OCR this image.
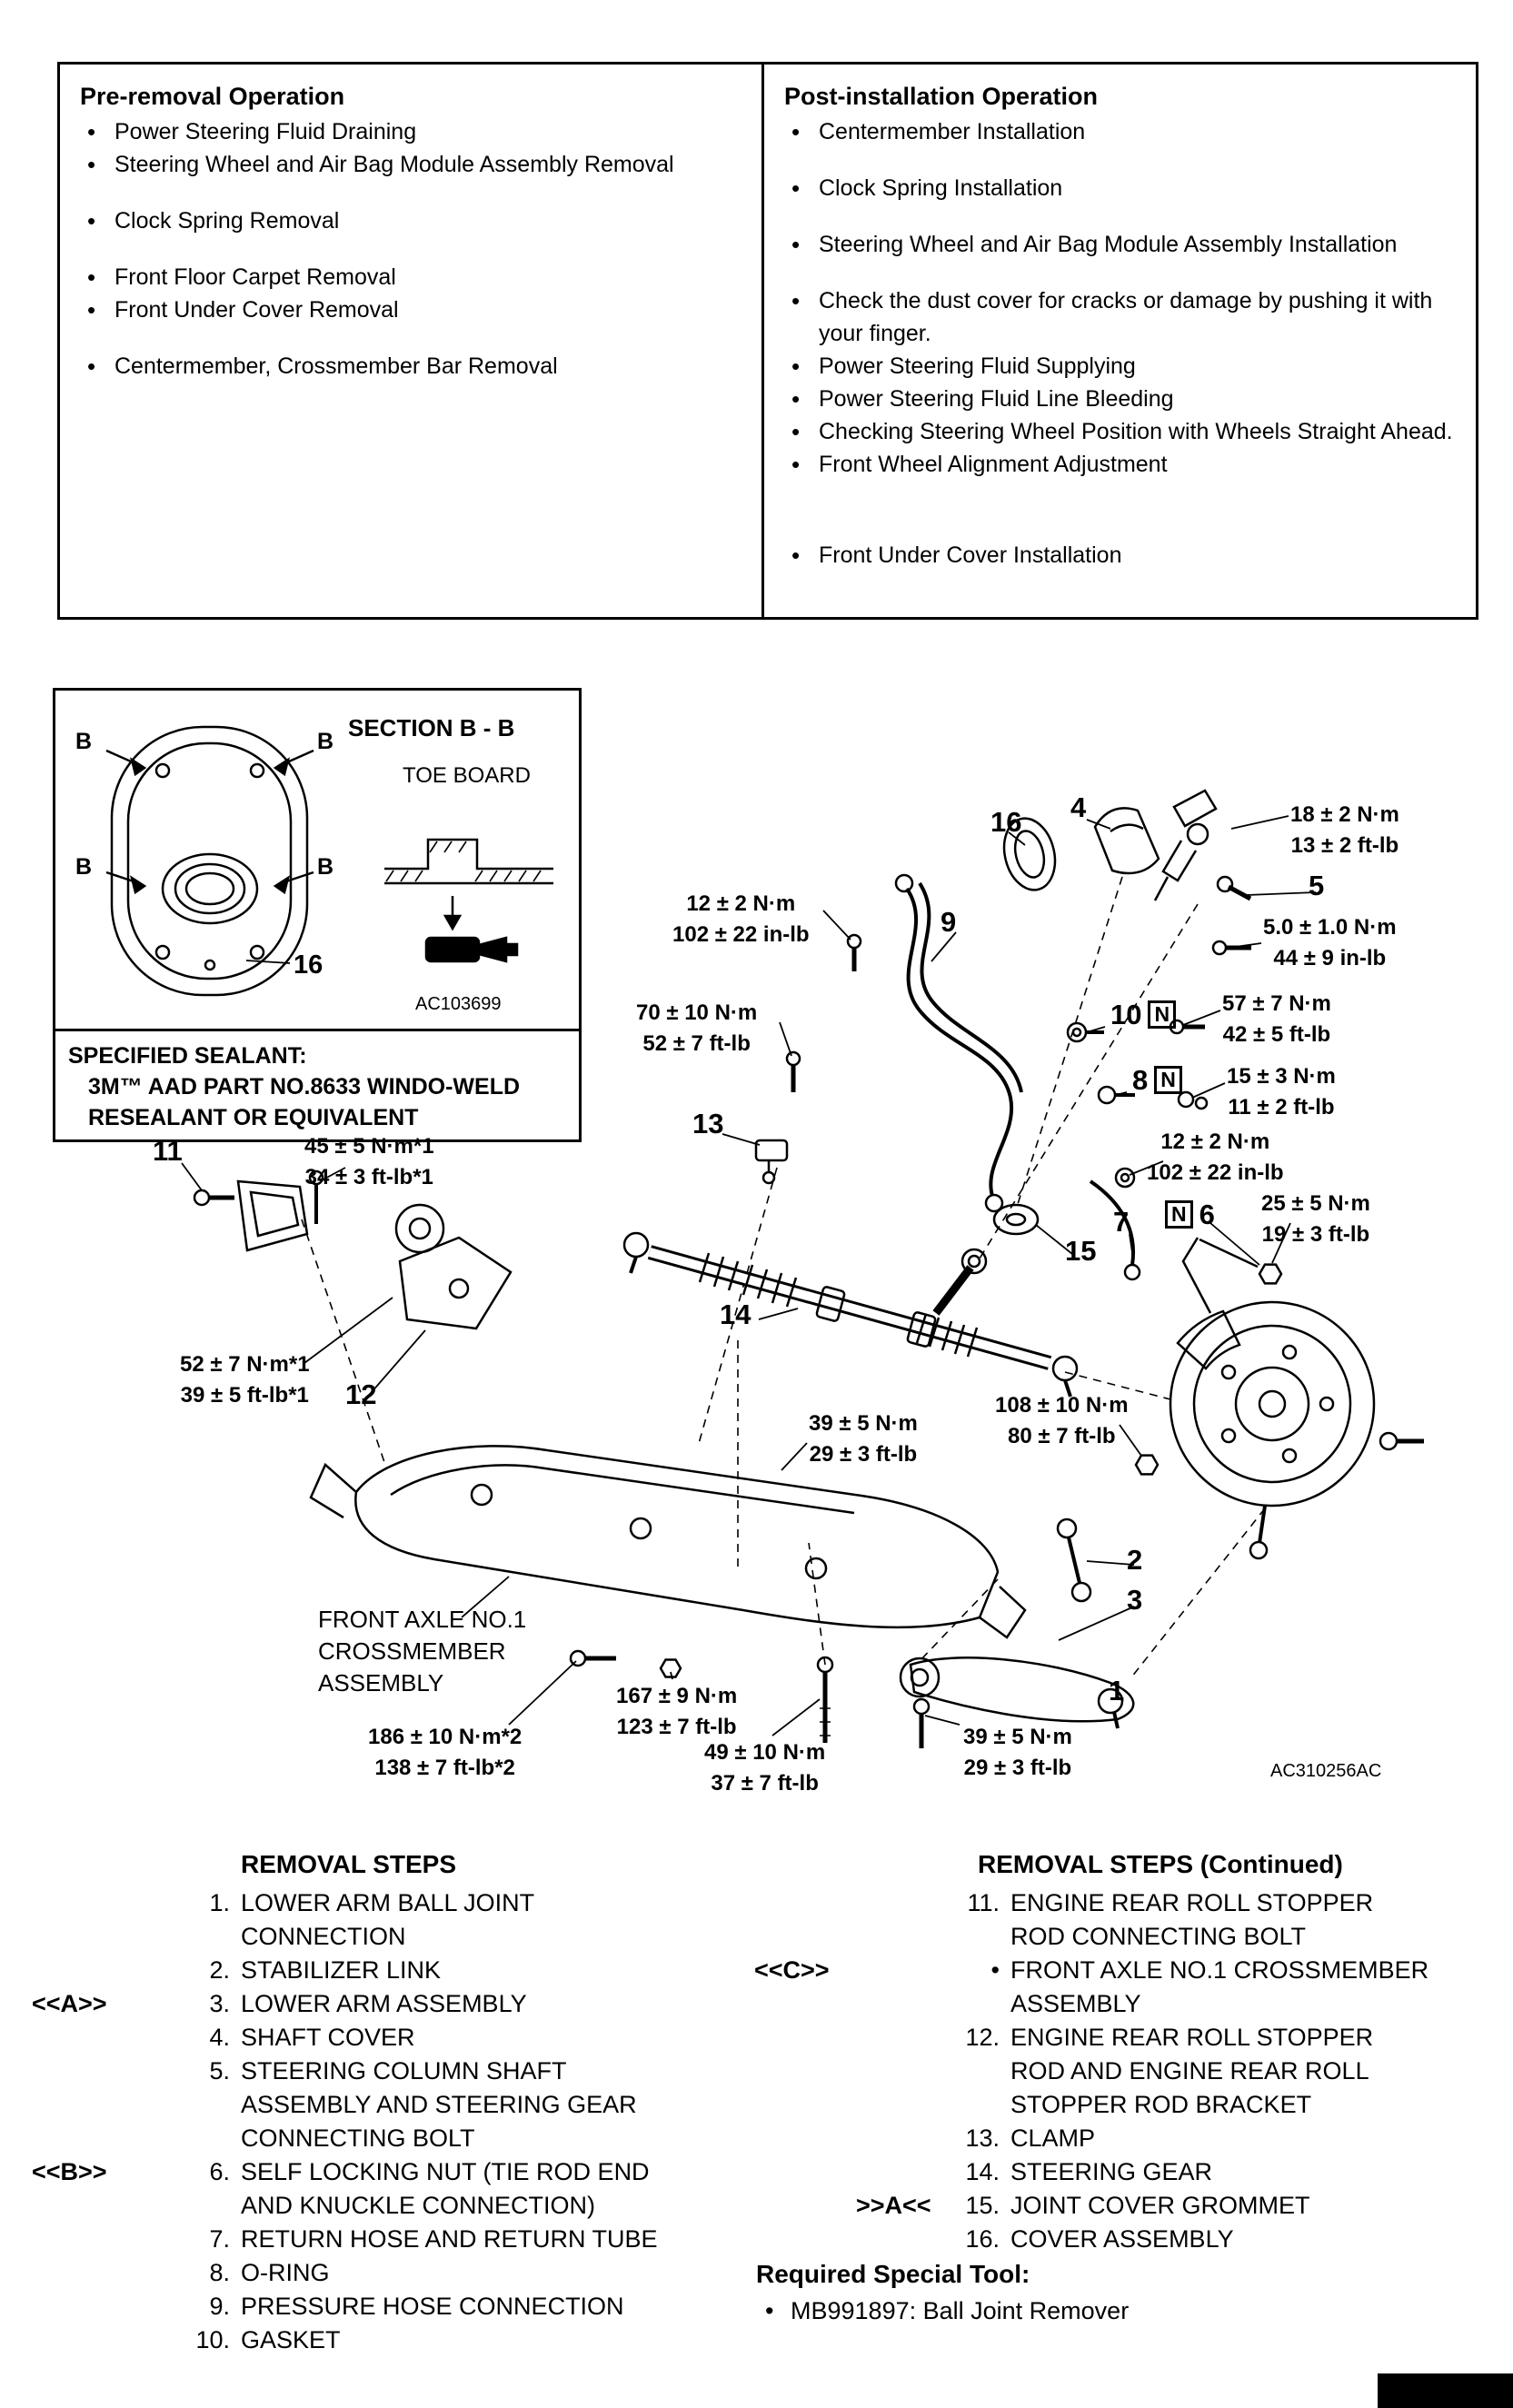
Pre-removal Operation
• Power Steering Fluid Draining
• Steering Wheel and Air Bag Module Assembly Removal
• Clock Spring Removal
• Front Floor Carpet Removal
• Front Under Cover Removal
• Centermember, Crossmember Bar Removal
Post-installation Operation
• Centermember Installation
• Clock Spring Installation
• Steering Wheel and Air Bag Module Assembly Installation
• Check the dust cover for cracks or damage by pushing it with your finger.
• Power Steering Fluid Supplying
• Power Steering Fluid Line Bleeding
• Checking Steering Wheel Position with Wheels Straight Ahead.
• Front Wheel Alignment Adjustment
• Front Under Cover Installation
B	B
B	B
SECTION B - B
TOE BOARD
16
AC103699
SPECIFIED SEALANT:
3M™ AAD PART NO.8633 WINDO-WELD
RESEALANT OR EQUIVALENT
18 ± 2 N·m
13 ± 2 ft-lb
5.0 ± 1.0 N·m
44 ± 9 in-lb
12 ± 2 N·m
102 ± 22 in-lb
70 ± 10 N·m
52 ± 7 ft-lb
57 ± 7 N·m
42 ± 5 ft-lb
15 ± 3 N·m
11 ± 2 ft-lb
12 ± 2 N·m
102 ± 22 in-lb
25 ± 5 N·m
19 ± 3 ft-lb
45 ± 5 N·m*1
34 ± 3 ft-lb*1
52 ± 7 N·m*1
39 ± 5 ft-lb*1
39 ± 5 N·m
29 ± 3 ft-lb
108 ± 10 N·m
80 ± 7 ft-lb
167 ± 9 N·m
123 ± 7 ft-lb
186 ± 10 N·m*2
138 ± 7 ft-lb*2
49 ± 10 N·m
37 ± 7 ft-lb
39 ± 5 N·m
29 ± 3 ft-lb
16 4
5
9
10 N
8 N
13
7
15
N 6
14
11
12
2
3
1
FRONT AXLE NO.1
CROSSMEMBER
ASSEMBLY
AC310256AC
REMOVAL STEPS
1. LOWER ARM BALL JOINT
CONNECTION
2. STABILIZER LINK
<<A>>	3. LOWER ARM ASSEMBLY
4. SHAFT COVER
5. STEERING COLUMN SHAFT
ASSEMBLY AND STEERING GEAR
CONNECTING BOLT
<<B>>	6. SELF LOCKING NUT (TIE ROD END
AND KNUCKLE CONNECTION)
7. RETURN HOSE AND RETURN TUBE
8. O-RING
9. PRESSURE HOSE CONNECTION
10. GASKET
REMOVAL STEPS (Continued)
11. ENGINE REAR ROLL STOPPER
ROD CONNECTING BOLT
<<C>>	• FRONT AXLE NO.1 CROSSMEMBER
ASSEMBLY
12. ENGINE REAR ROLL STOPPER
ROD AND ENGINE REAR ROLL
STOPPER ROD BRACKET
13. CLAMP
14. STEERING GEAR
>>A<<	15. JOINT COVER GROMMET
16. COVER ASSEMBLY
Required Special Tool:
• MB991897: Ball Joint Remover
